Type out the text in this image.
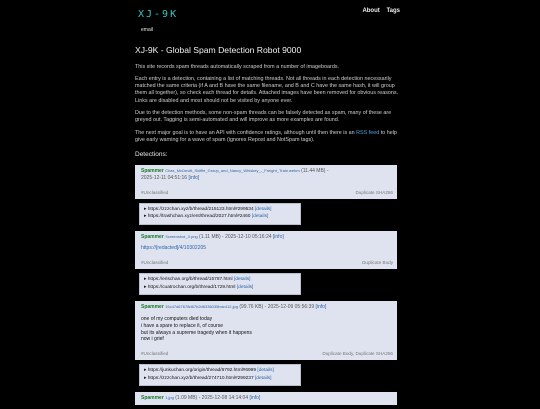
XJ-9K
email
About Tags
XJ-9K - Global Spam Detection Robot 9000

This site records spam threads automatically scraped from a number of imageboards.

Each entry is a detection, containing a list of matching threads. Not all threads in each detection necessarily matched the same criteria (if A and B have the same filename, and B and C have the same hash, it will group them all together), so check each thread for details. Attached images have been removed for obvious reasons. Links are disabled and most should not be visited by anyone ever.

Due to the detection methods, some non-spam threads can be falsely detected as spam, many of these are greyed out. Tagging is semi-automated and will improve as more examples are found.

The next major goal is to have an API with confidence ratings, although until then there is an RSS feed to help give early warning for a wave of spam (ignores Repost and NotSpam tags).

Detections:
Spammer Chas_McDevitt_Skiffle_Group_and_Nancy_Whiskey_-_Freight_Train.webm (11.44 MB) -
2025-12-11 04:51:16 [info]
#Unclassified	Duplicate SHA256
▸ https://zzzchan.xyz/b/thread/215123.html#299534 [details]
▸ https://trashchan.xyz/ent/thread/2027.html#2460 [details]
Spammer Screenshot_3.png (1.11 MB) - 2025-12-10 05:16:24 [info]
https://[redacted]/4/10302205
#Unclassified	Duplicate Body
▸ https://erischan.org/b/thread/15787.html [details]
▸ https://cuatrochan.org/b/thread/1729.html [details]
Spammer 15c47d67678d67b2d6336035bdc412.jpg (99.76 KB) - 2025-12-09 05:56:39 [info]
one of my computers died today
i have a spare to replace it, of course
but its always a supreme tragedy when it happens
now i grief
#Unclassified	Duplicate Body, Duplicate SHA256
▸ https://junkuchan.org/origin/thread/6792.html#6999 [details]
▸ https://zzzchan.xyz/b/thread/274710.html#299237 [details]
Spammer 1.jpg (1.09 MB) - 2025-12-08 14:14:04 [info]
